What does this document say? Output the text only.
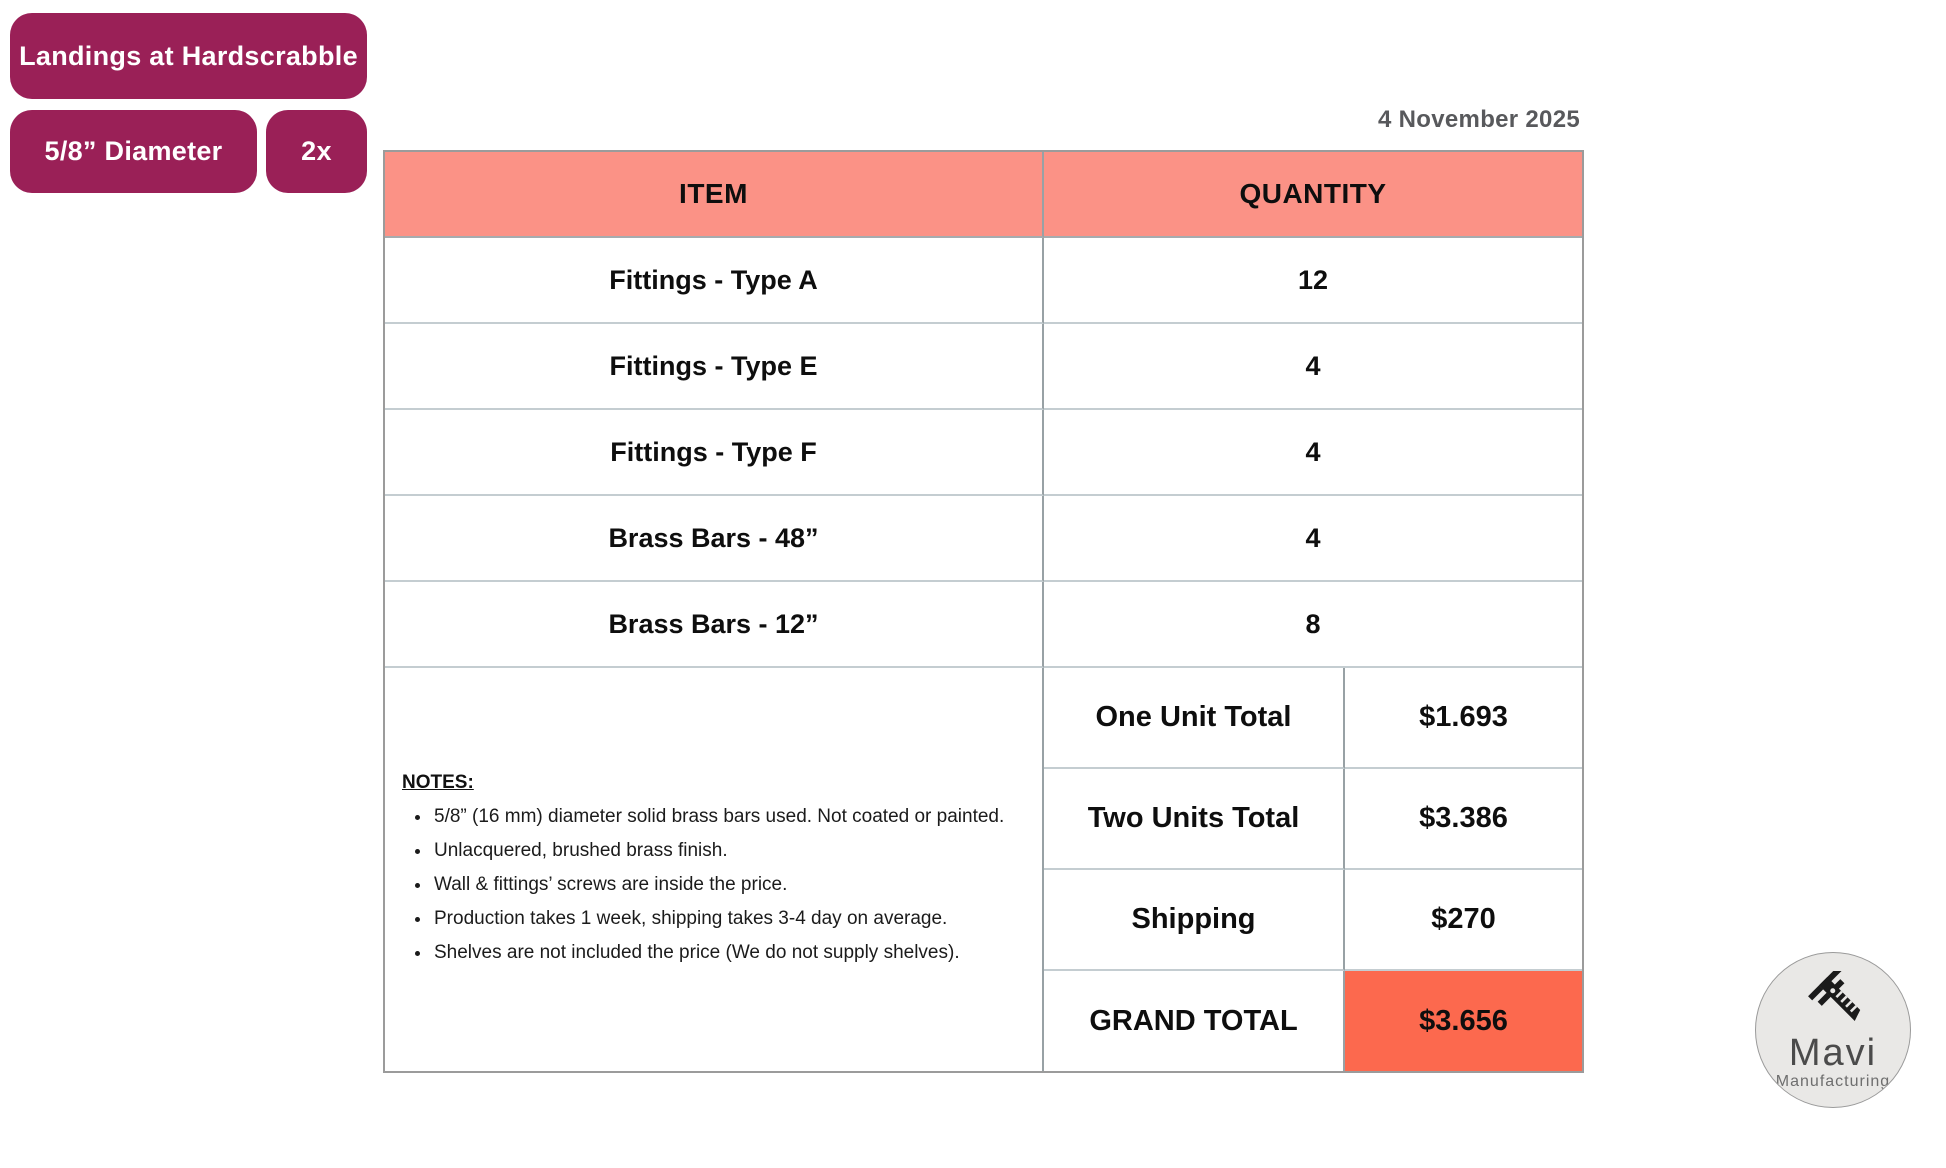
Landings at Hardscrabble
5/8” Diameter	2x
4 November 2025
ITEM	QUANTITY
Fittings - Type A	12
Fittings - Type E	4
Fittings - Type F	4
Brass Bars - 48”	4
Brass Bars - 12”	8
NOTES:
• 5/8” (16 mm) diameter solid brass bars used. Not coated or painted.
• Unlacquered, brushed brass finish.
• Wall & fittings’ screws are inside the price.
• Production takes 1 week, shipping takes 3-4 day on average.
• Shelves are not included the price (We do not supply shelves).
One Unit Total	$1.693
Two Units Total	$3.386
Shipping	$270
GRAND TOTAL	$3.656
Mavi
Manufacturing
